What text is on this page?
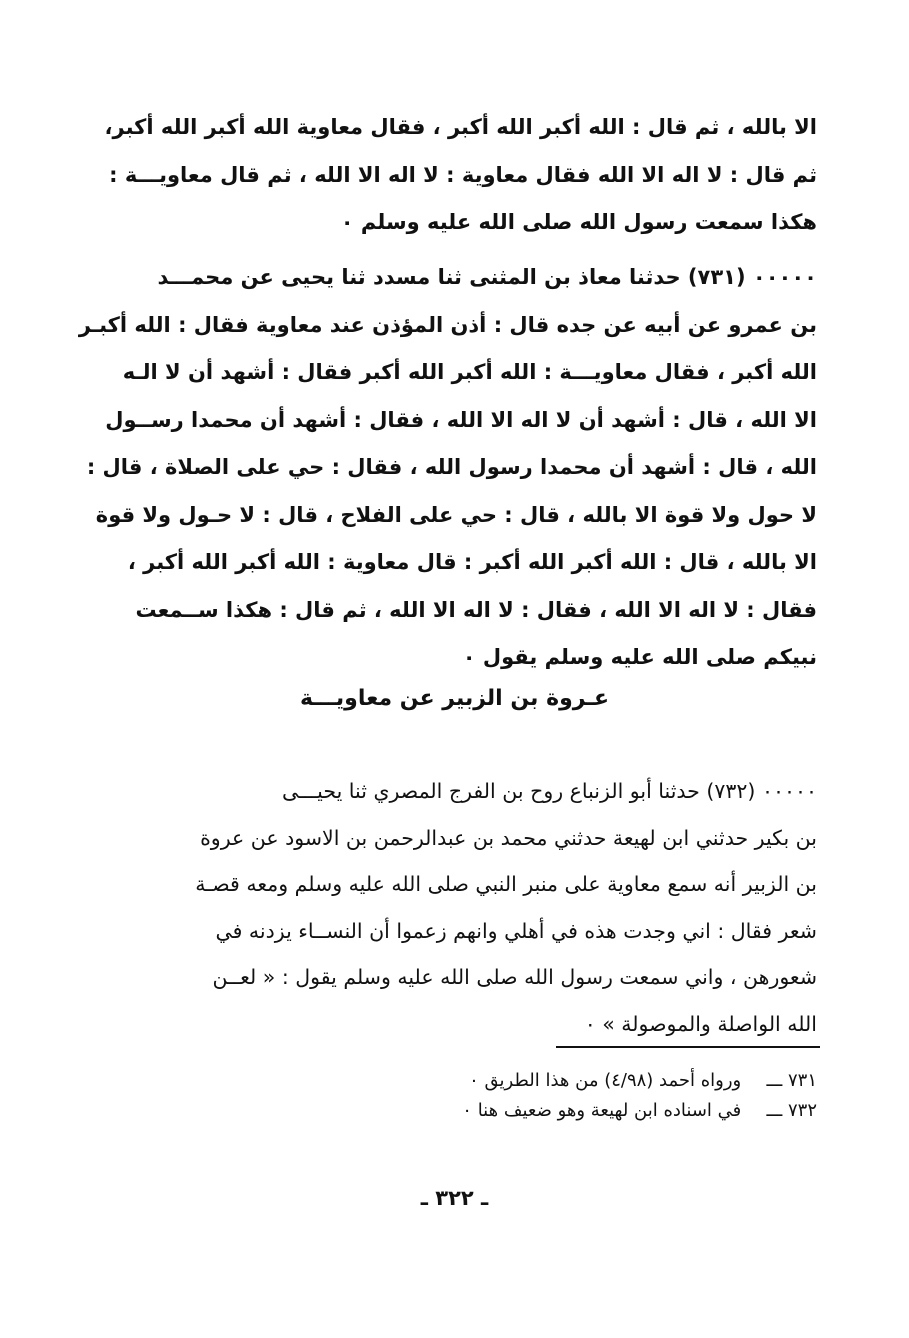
الا بالله ، ثم قال : الله أكبر الله أكبر ، فقال معاوية الله أكبر الله أكبر،
ثم قال : لا اله الا الله فقال معاوية : لا اله الا الله ، ثم قال معاويـــة :
هكذا سمعت رسول الله صلى الله عليه وسلم ٠

٠٠٠٠٠ (٧٣١) حدثنا معاذ بن المثنى ثنا مسدد ثنا يحيى عن محمـــد
بن عمرو عن أبيه عن جده قال : أذن المؤذن عند معاوية فقال : الله أكبـر
الله أكبر ، فقال معاويـــة : الله أكبر الله أكبر فقال : أشهد أن لا الـه
الا الله ، قال : أشهد أن لا اله الا الله ، فقال : أشهد أن محمدا رســول
الله ، قال : أشهد أن محمدا رسول الله ، فقال : حي على الصلاة ، قال :
لا حول ولا قوة الا بالله ، قال : حي على الفلاح ، قال : لا حـول ولا قوة
الا بالله ، قال : الله أكبر الله أكبر : قال معاوية : الله أكبر الله أكبر ،
فقال : لا اله الا الله ، فقال : لا اله الا الله ، ثم قال : هكذا ســمعت
نبيكم صلى الله عليه وسلم يقول ٠

عـروة بن الزبير عن معاويـــة

٠٠٠٠٠ (٧٣٢) حدثنا أبو الزنباع روح بن الفرج المصري ثنا يحيـــى
بن بكير حدثني ابن لهيعة حدثني محمد بن عبدالرحمن بن الاسود عن عروة
بن الزبير أنه سمع معاوية على منبر النبي صلى الله عليه وسلم ومعه قصـة
شعر فقال : اني وجدت هذه في أهلي وانهم زعموا أن النســاء يزدنه في
شعورهن ، واني سمعت رسول الله صلى الله عليه وسلم يقول : « لعــن
الله الواصلة والموصولة » ٠

٧٣١ ـــ ورواه أحمد (٤/٩٨) من هذا الطريق ٠
٧٣٢ ـــ في اسناده ابن لهيعة وهو ضعيف هنا ٠
ـ ٣٢٢ ـ
